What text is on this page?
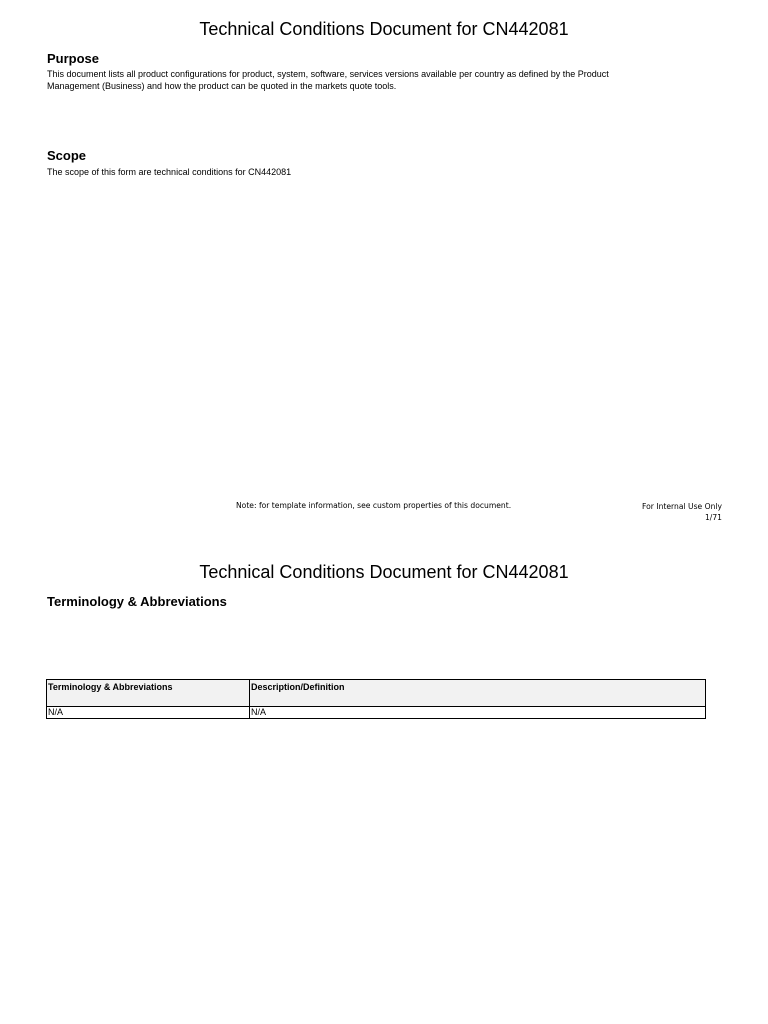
Technical Conditions Document for CN442081
Purpose
This document lists all product configurations for product, system, software, services versions available per country as defined by the Product
Management (Business) and how the product can be quoted in the markets quote tools.
Scope
The scope of this form are technical conditions for CN442081
Note: for template information, see custom properties of this document.	For Internal Use Only
1/71
Technical Conditions Document for CN442081
Terminology & Abbreviations
Terminology & Abbreviations	Description/Definition
N/A	N/A
